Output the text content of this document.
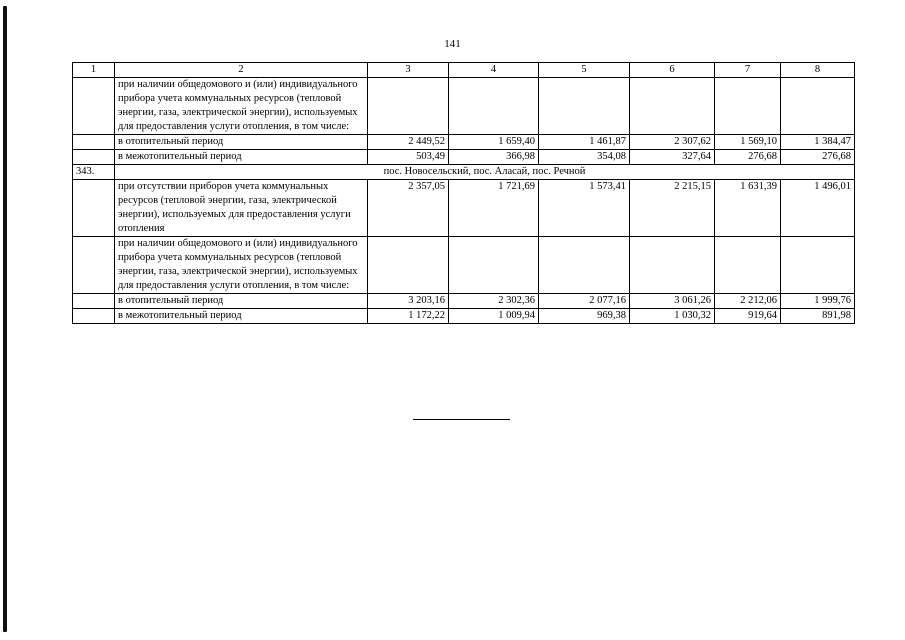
141
1	2	3	4	5	6	7	8
	при наличии общедомового и (или) индивидуального прибора учета коммунальных ресурсов (тепловой энергии, газа, электрической энергии), используемых для предоставления услуги отопления, в том числе:						
	в отопительный период	2 449,52	1 659,40	1 461,87	2 307,62	1 569,10	1 384,47
	в межотопительный период	503,49	366,98	354,08	327,64	276,68	276,68
343.	пос. Новосельский, пос. Аласай, пос. Речной						
	при отсутствии приборов учета коммунальных ресурсов (тепловой энергии, газа, электрической энергии), используемых для предоставления услуги отопления	2 357,05	1 721,69	1 573,41	2 215,15	1 631,39	1 496,01
	при наличии общедомового и (или) индивидуального прибора учета коммунальных ресурсов (тепловой энергии, газа, электрической энергии), используемых для предоставления услуги отопления, в том числе:						
	в отопительный период	3 203,16	2 302,36	2 077,16	3 061,26	2 212,06	1 999,76
	в межотопительный период	1 172,22	1 009,94	969,38	1 030,32	919,64	891,98
